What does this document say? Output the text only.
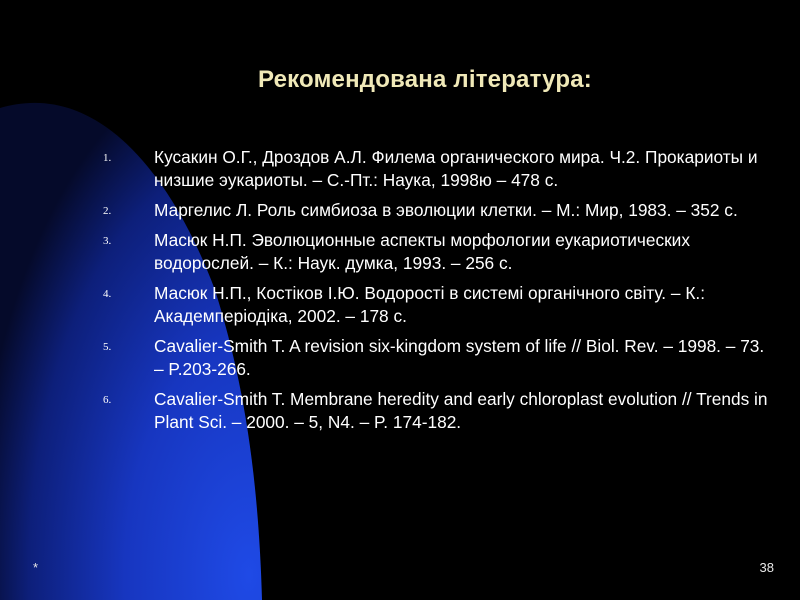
Рекомендована література:
1. Кусакин О.Г., Дроздов А.Л. Филема органического мира. Ч.2. Прокариоты и низшие эукариоты. – С.-Пт.: Наука, 1998ю – 478 с.
2. Маргелис Л. Роль симбиоза в эволюции клетки. – М.: Мир, 1983. – 352 с.
3. Масюк Н.П. Эволюционные аспекты морфологии еукариотических водорослей. – К.: Наук. думка, 1993. – 256 с.
4. Масюк Н.П., Костіков І.Ю. Водорості в системі органічного світу. – К.: Академперіодіка, 2002. – 178 с.
5. Cavalier-Smith T. A revision six-kingdom system of life // Biol. Rev. – 1998. – 73. – P.203-266.
6. Cavalier-Smith T. Membrane heredity and early chloroplast evolution // Trends in Plant Sci. – 2000. – 5, N4. – P. 174-182.
*	38
